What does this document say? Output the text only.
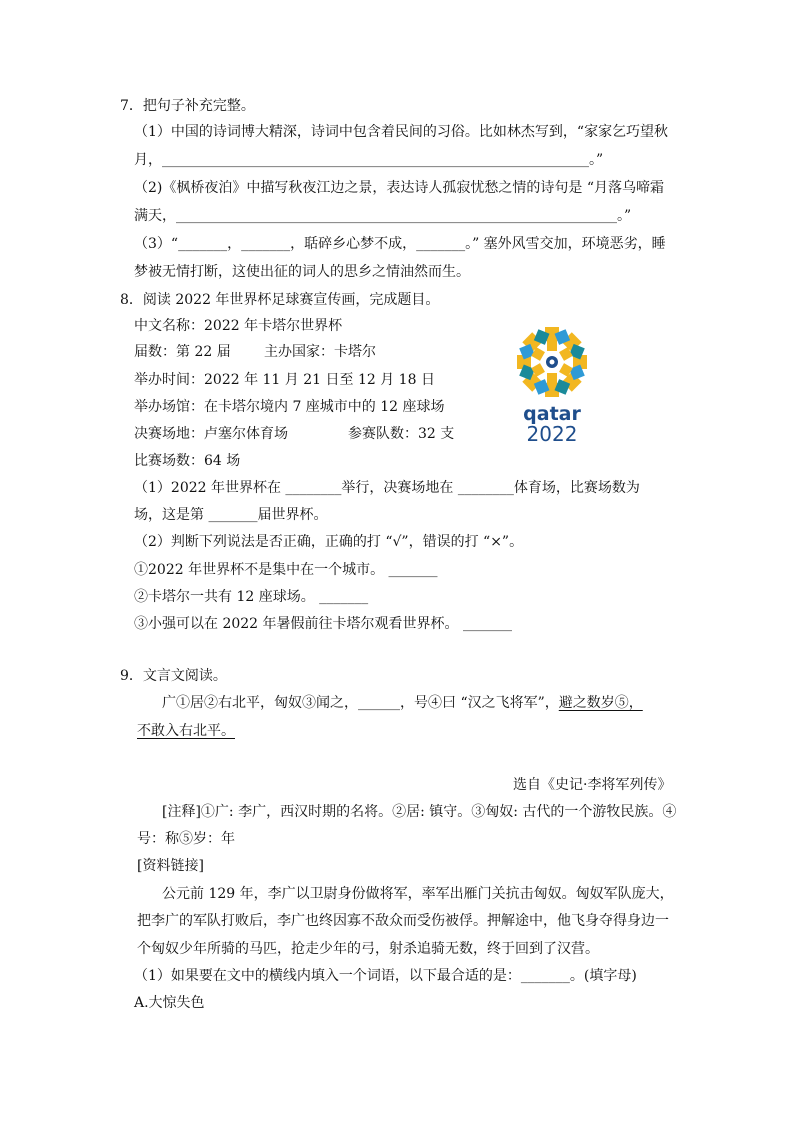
7．把句子补充完整。
（1）中国的诗词博大精深，诗词中包含着民间的习俗。比如林杰写到，“家家乞巧望秋
月，_____________________________________________________________。”
（2)《枫桥夜泊》中描写秋夜江边之景，表达诗人孤寂忧愁之情的诗句是 “月落乌啼霜
满天，_______________________________________________________________。”
（3）“_______，_______，聒碎乡心梦不成，_______。” 塞外风雪交加，环境恶劣，睡
梦被无情打断，这使出征的词人的思乡之情油然而生。
8．阅读 2022 年世界杯足球赛宣传画，完成题目。
中文名称：2022 年卡塔尔世界杯
届数：第 22 届 主办国家：卡塔尔
举办时间：2022 年 11 月 21 日至 12 月 18 日
举办场馆：在卡塔尔境内 7 座城市中的 12 座球场
决赛场地：卢塞尔体育场	参赛队数：32 支
比赛场数：64 场
（1）2022 年世界杯在 ________举行，决赛场地在 ________体育场，比赛场数为
场，这是第 _______届世界杯。
（2）判断下列说法是否正确，正确的打 “√”，错误的打 “×”。
①2022 年世界杯不是集中在一个城市。 _______
②卡塔尔一共有 12 座球场。 _______
③小强可以在 2022 年暑假前往卡塔尔观看世界杯。 _______
qatar
2022
9．文言文阅读。
广①居②右北平，匈奴③闻之，______，号④曰 “汉之飞将军”，避之数岁⑤，
不敢入右北平。
选自《史记·李将军列传》
[注释]①广: 李广，西汉时期的名将。②居: 镇守。③匈奴: 古代的一个游牧民族。④
号：称⑤岁：年
[资料链接]
公元前 129 年，李广以卫尉身份做将军，率军出雁门关抗击匈奴。匈奴军队庞大，
把李广的军队打败后，李广也终因寡不敌众而受伤被俘。押解途中，他飞身夺得身边一
个匈奴少年所骑的马匹，抢走少年的弓，射杀追骑无数，终于回到了汉营。
（1）如果要在文中的横线内填入一个词语，以下最合适的是：_______。(填字母)
A.大惊失色
